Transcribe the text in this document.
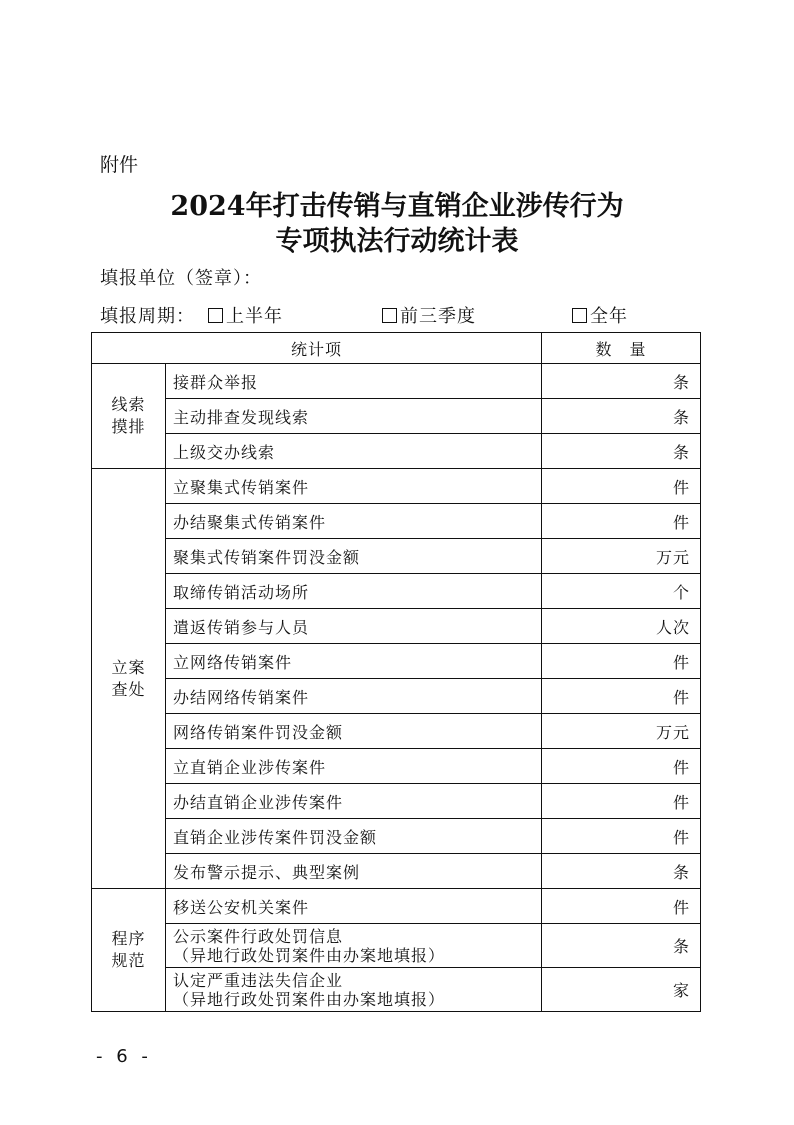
附件
2024年打击传销与直销企业涉传行为
专项执法行动统计表
填报单位（签章）：
填报周期：	上半年	前三季度	全年
统计项		数　量
线索
摸排	接群众举报	条
	主动排查发现线索	条
	上级交办线索	条
立案
查处	立聚集式传销案件	件
	办结聚集式传销案件	件
	聚集式传销案件罚没金额	万元
	取缔传销活动场所	个
	遣返传销参与人员	人次
	立网络传销案件	件
	办结网络传销案件	件
	网络传销案件罚没金额	万元
	立直销企业涉传案件	件
	办结直销企业涉传案件	件
	直销企业涉传案件罚没金额	件
	发布警示提示、典型案例	条
程序
规范	移送公安机关案件	件
	公示案件行政处罚信息
（异地行政处罚案件由办案地填报）	条
	认定严重违法失信企业
（异地行政处罚案件由办案地填报）	家
- 6 -
